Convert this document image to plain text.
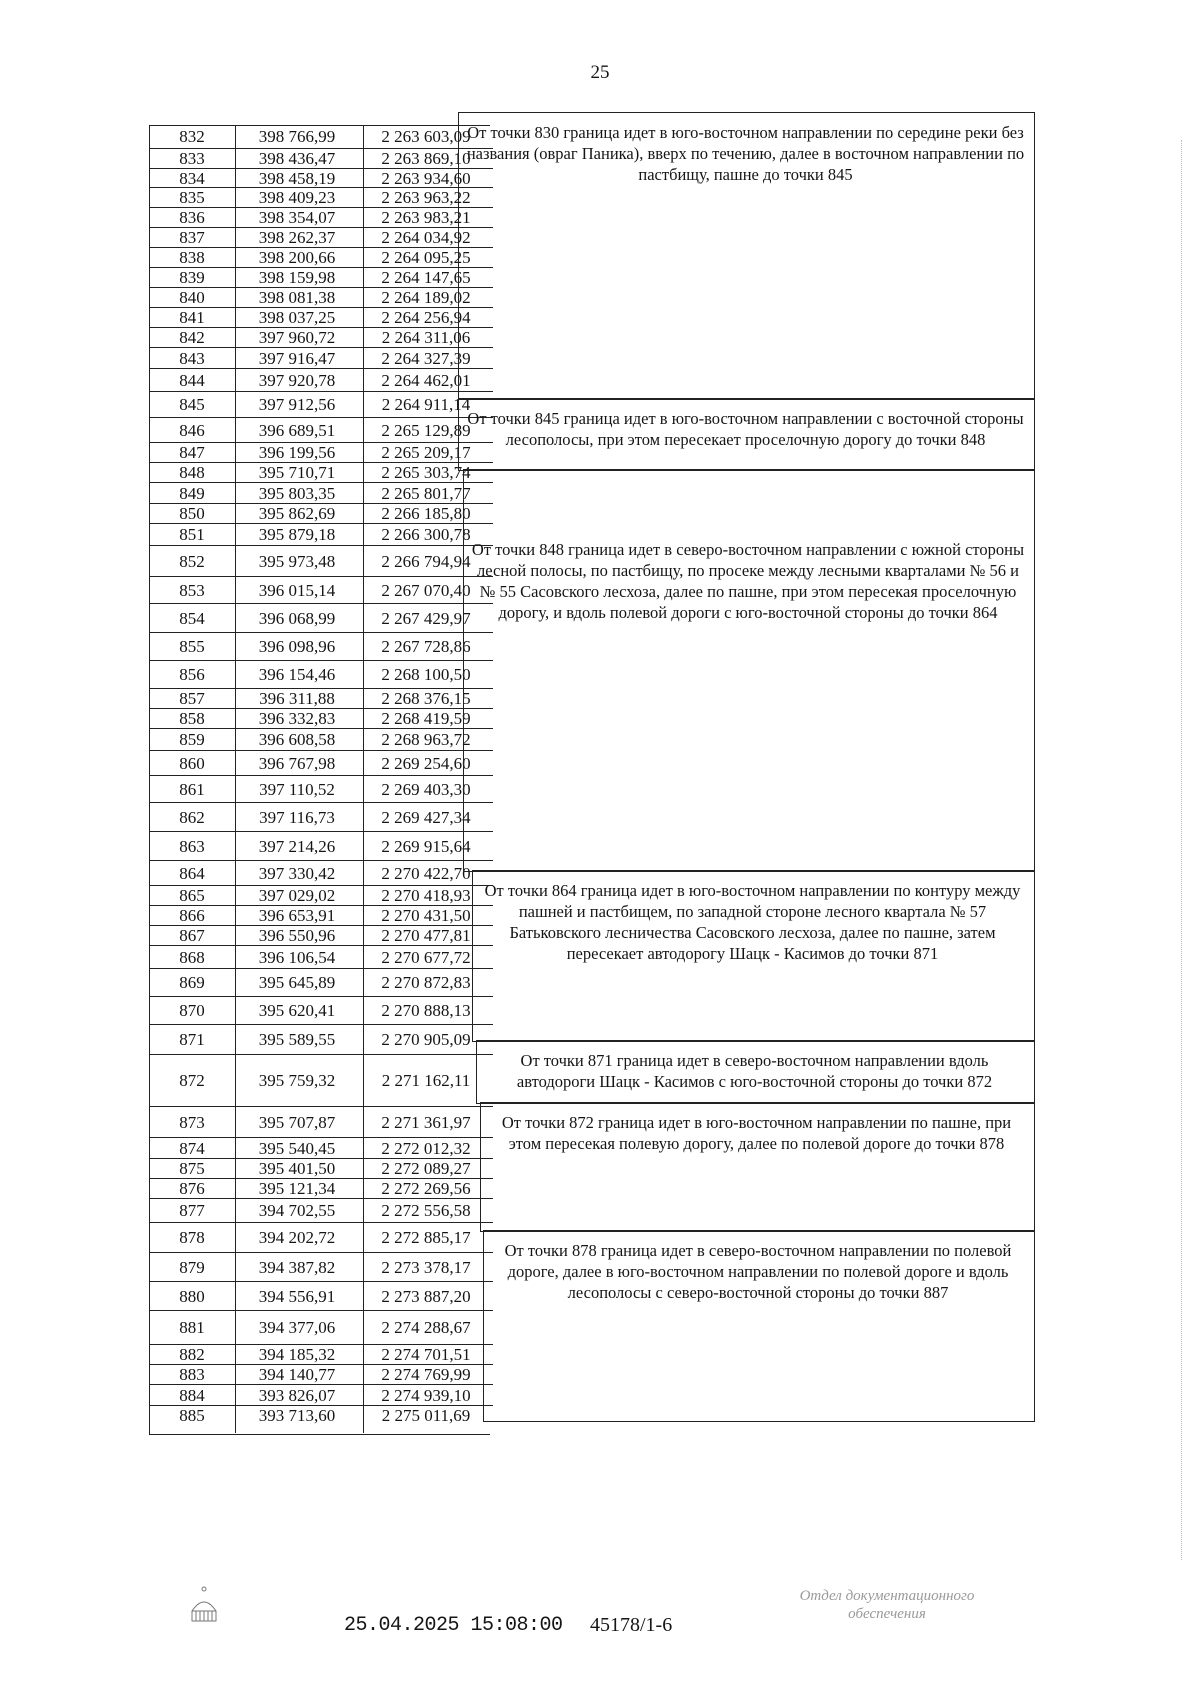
25
25.04.2025 15:08:00 45178/1-6
Отдел документационного
обеспечения
832	398 766,99	2 263 603,09
833	398 436,47	2 263 869,10
834	398 458,19	2 263 934,60
835	398 409,23	2 263 963,22
836	398 354,07	2 263 983,21
837	398 262,37	2 264 034,92
838	398 200,66	2 264 095,25
839	398 159,98	2 264 147,65
840	398 081,38	2 264 189,02
841	398 037,25	2 264 256,94
842	397 960,72	2 264 311,06
843	397 916,47	2 264 327,39
844	397 920,78	2 264 462,01
845	397 912,56	2 264 911,14
846	396 689,51	2 265 129,89
847	396 199,56	2 265 209,17
848	395 710,71	2 265 303,74
849	395 803,35	2 265 801,77
850	395 862,69	2 266 185,80
851	395 879,18	2 266 300,78
852	395 973,48	2 266 794,94
853	396 015,14	2 267 070,40
854	396 068,99	2 267 429,97
855	396 098,96	2 267 728,86
856	396 154,46	2 268 100,50
857	396 311,88	2 268 376,15
858	396 332,83	2 268 419,59
859	396 608,58	2 268 963,72
860	396 767,98	2 269 254,60
861	397 110,52	2 269 403,30
862	397 116,73	2 269 427,34
863	397 214,26	2 269 915,64
864	397 330,42	2 270 422,70
865	397 029,02	2 270 418,93
866	396 653,91	2 270 431,50
867	396 550,96	2 270 477,81
868	396 106,54	2 270 677,72
869	395 645,89	2 270 872,83
870	395 620,41	2 270 888,13
871	395 589,55	2 270 905,09
872	395 759,32	2 271 162,11
873	395 707,87	2 271 361,97
874	395 540,45	2 272 012,32
875	395 401,50	2 272 089,27
876	395 121,34	2 272 269,56
877	394 702,55	2 272 556,58
878	394 202,72	2 272 885,17
879	394 387,82	2 273 378,17
880	394 556,91	2 273 887,20
881	394 377,06	2 274 288,67
882	394 185,32	2 274 701,51
883	394 140,77	2 274 769,99
884	393 826,07	2 274 939,10
885	393 713,60	2 275 011,69
От точки 830 граница идет в юго-восточном направлении по середине реки без названия (овраг Паника), вверх по течению, далее в восточном направлении по пастбищу, пашне до точки 845
От точки 845 граница идет в юго-восточном направлении с восточной стороны лесополосы, при этом пересекает проселочную дорогу до точки 848
От точки 848 граница идет в северо-восточном направлении с южной стороны лесной полосы, по пастбищу, по просеке между лесными кварталами № 56 и № 55 Сасовского лесхоза, далее по пашне, при этом пересекая проселочную дорогу, и вдоль полевой дороги с юго-восточной стороны до точки 864
От точки 864 граница идет в юго-восточном направлении по контуру между пашней и пастбищем, по западной стороне лесного квартала № 57 Батьковского лесничества Сасовского лесхоза, далее по пашне, затем пересекает автодорогу Шацк - Касимов до точки 871
От точки 871 граница идет в северо-восточном направлении вдоль автодороги Шацк - Касимов с юго-восточной стороны до точки 872
От точки 872 граница идет в юго-восточном направлении по пашне, при этом пересекая полевую дорогу, далее по полевой дороге до точки 878
От точки 878 граница идет в северо-восточном направлении по полевой дороге, далее в юго-восточном направлении по полевой дороге и вдоль лесополосы с северо-восточной стороны до точки 887
